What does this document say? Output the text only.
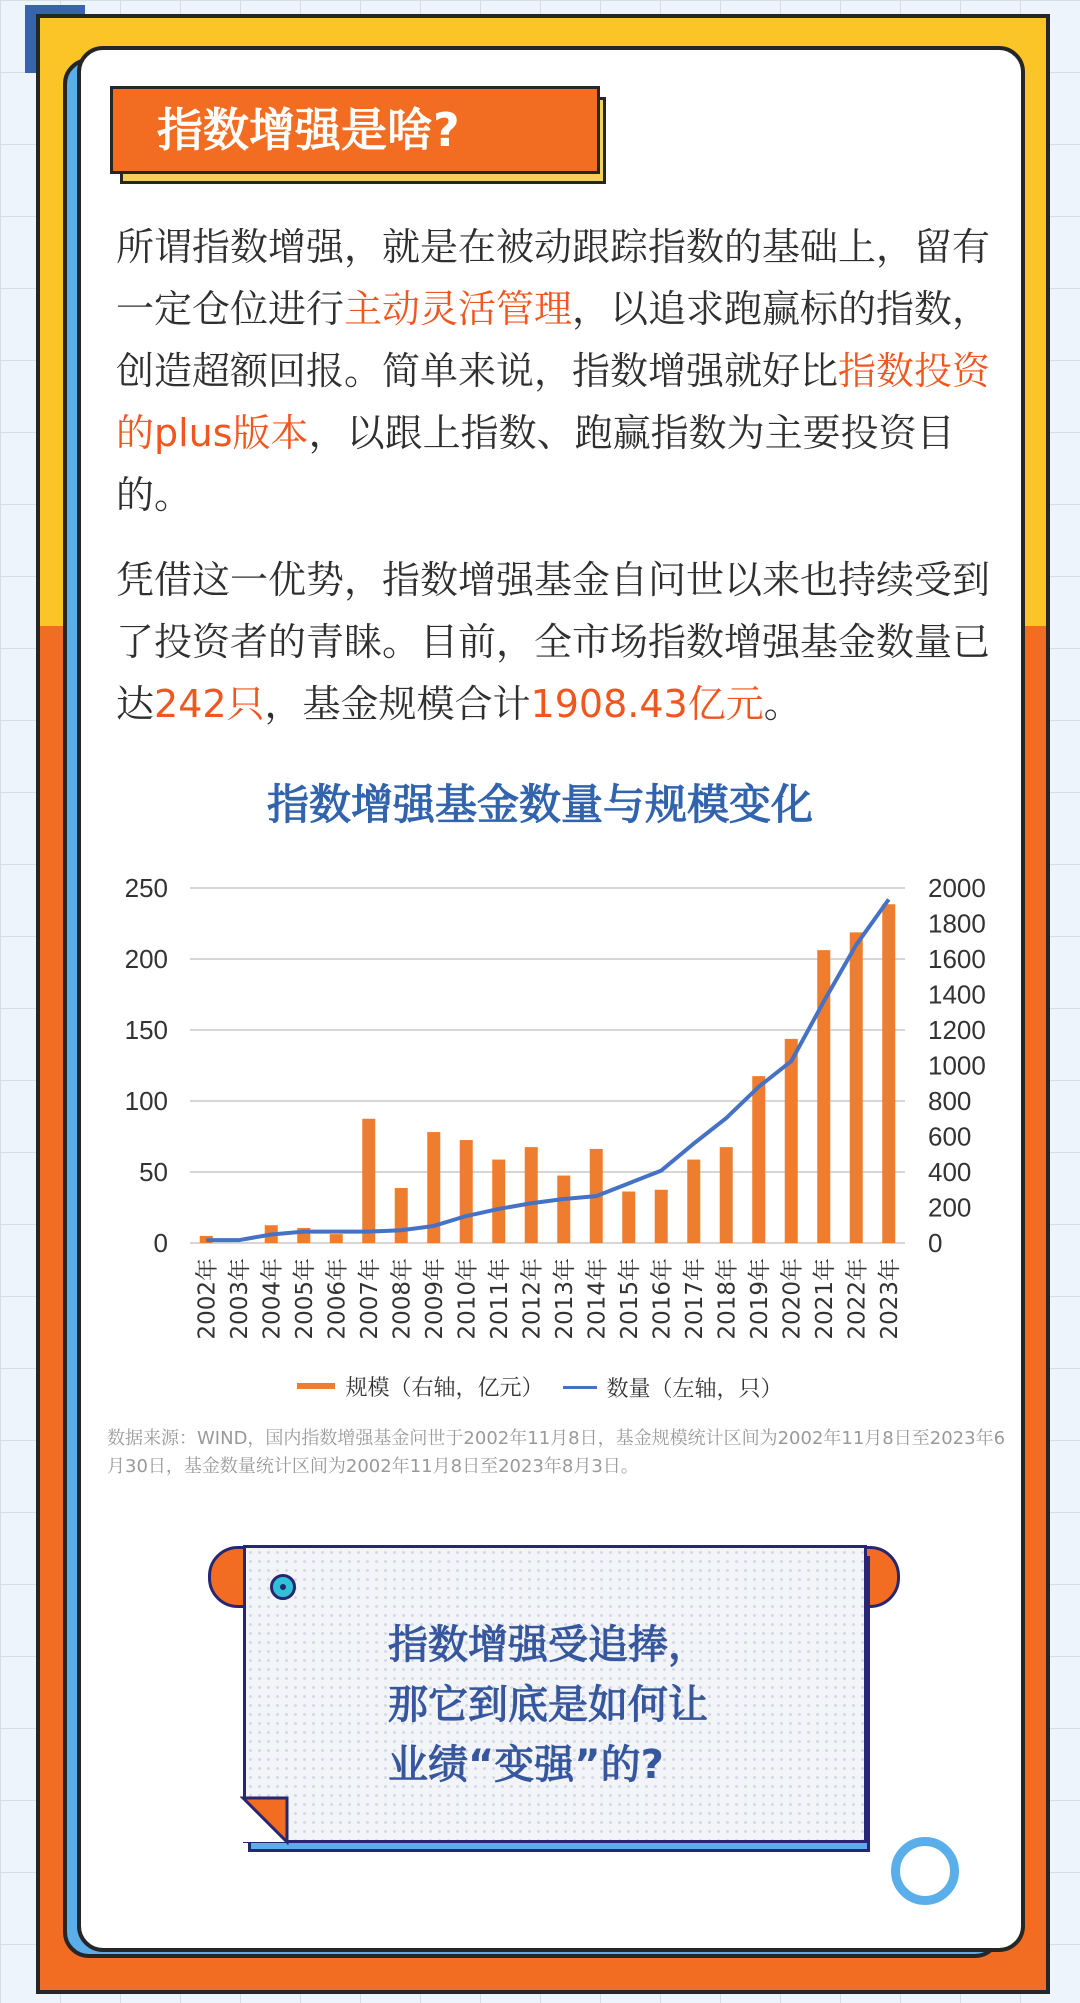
指数增强是啥?

所谓指数增强，就是在被动跟踪指数的基础上，留有一定仓位进行主动灵活管理，以追求跑赢标的指数，创造超额回报。简单来说，指数增强就好比指数投资的plus版本，以跟上指数、跑赢指数为主要投资目的。

凭借这一优势，指数增强基金自问世以来也持续受到了投资者的青睐。目前，全市场指数增强基金数量已达242只，基金规模合计1908.43亿元。

指数增强基金数量与规模变化
0
50
100
150
200
250
0
200
400
600
800
1000
1200
1400
1600
1800
2000
2002年 2003年 2004年 2005年 2006年 2007年 2008年 2009年 2010年 2011年 2012年 2013年 2014年 2015年 2016年 2017年 2018年 2019年 2020年 2021年 2022年 2023年
规模（右轴，亿元）
	数量（左轴，只）
数据来源：WIND，国内指数增强基金问世于2002年11月8日，基金规模统计区间为2002年11月8日至2023年6月30日，基金数量统计区间为2002年11月8日至2023年8月3日。
指数增强受追捧，
那它到底是如何让
业绩“变强”的?
